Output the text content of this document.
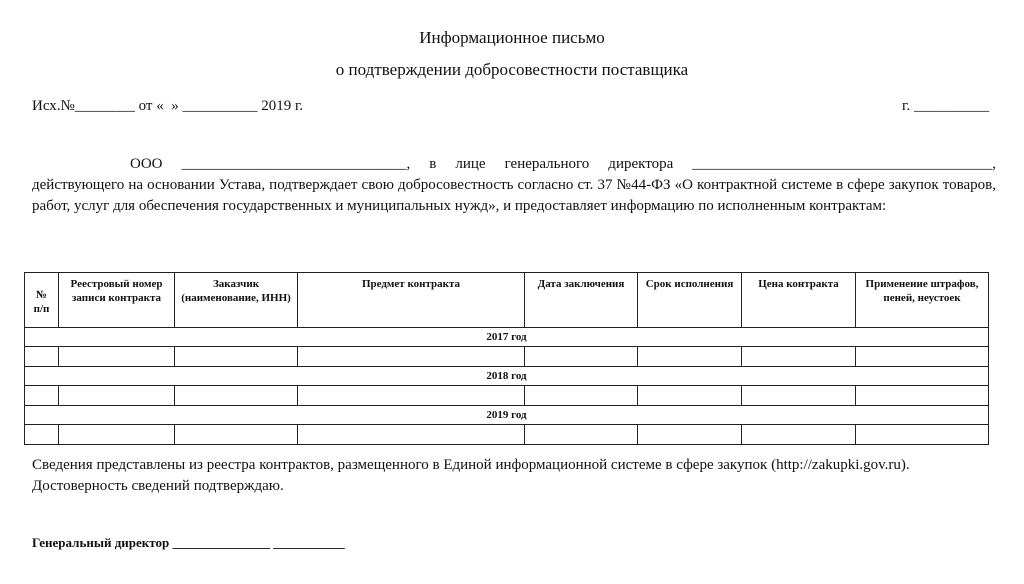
Информационное письмо
о подтверждении добросовестности поставщика
Исх.№________ от «  » __________ 2019 г.	г. __________
ООО ______________________________, в лице генерального директора ________________________________________, действующего на основании Устава, подтверждает свою добросовестность согласно ст. 37 №44-ФЗ «О контрактной системе в сфере закупок товаров, работ, услуг для обеспечения государственных и муниципальных нужд», и предоставляет информацию по исполненным контрактам:
№
п/п	Реестровый номер записи контракта	Заказчик (наименование, ИНН)	Предмет контракта	Дата заключения	Срок исполнения	Цена контракта	Применение штрафов, пеней, неустоек
2017 год							

2018 год							

2019 год							

Сведения представлены из реестра контрактов, размещенного в Единой информационной системе в сфере закупок (http://zakupki.gov.ru).
Достоверность сведений подтверждаю.
Генеральный директор _______________ ___________
